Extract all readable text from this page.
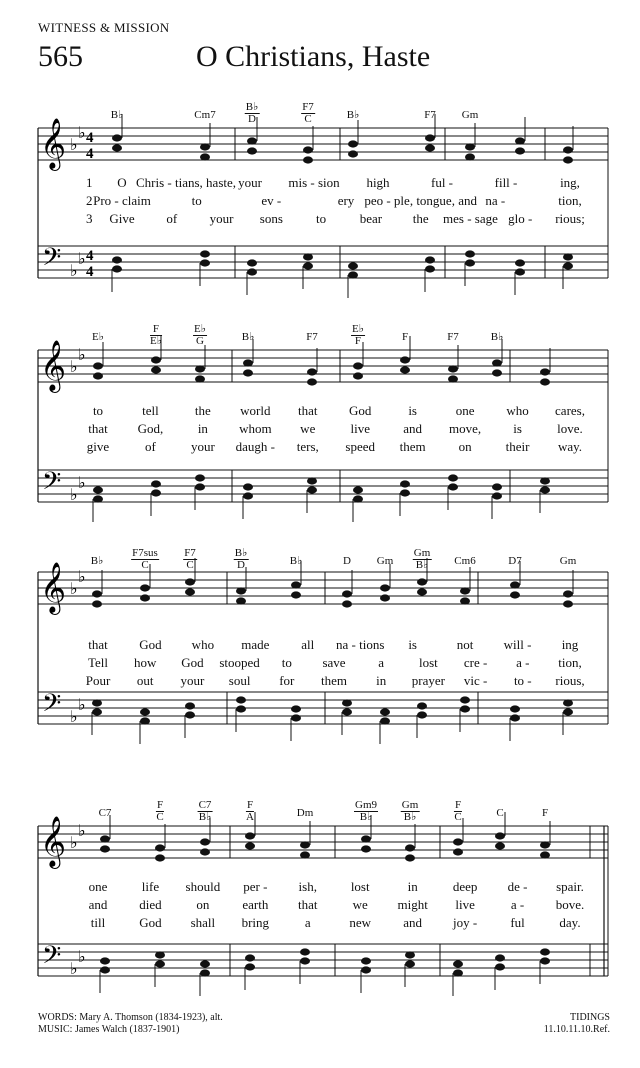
WITNESS & MISSION
565	O Christians, Haste
𝄞
𝄢
♭
♭
♭
♭
4
4
4
4
𝄞
𝄢
♭
♭
♭
♭
𝄞
𝄢
♭
♭
♭
♭
𝄞
𝄢
♭
♭
♭
♭
WORDS: Mary A. Thomson (1834-1923), alt.
MUSIC: James Walch (1837-1901)
TIDINGS
11.10.11.10.Ref.
B♭	Cm7
B♭
D
F7
C	B♭	F7 Gm
1
2
3
O Chris - tians, haste, your mis - sion high	ful -	fill -	ing,
Pro - claim	to	ev -	ery peo - ple, tongue, and na -	tion,
Give of your sons	to	bear the mes - sage glo - rious;
E♭
F
E♭
E♭
G	B♭	F7
E♭
F	F	F7	B♭
to	tell	the world that God	is	one who cares,
that God,	in whom we	live	and move, is	love.
give	of	your daugh - ters, speed them	on	their way.
B♭
F7sus
C
F7
C
B♭
D	B♭	D Gm
Gm
B♭ Cm6	D7	Gm
that God who made all na - tions is	not will - ing
Tell how God stooped to save	a	lost cre - a - tion,
Pour out your soul for them in prayer vic - to - rious,
C7
F
C
C7
B♭
F
A	Dm
Gm9
B♭
Gm
B♭
F
C	C	F
one	life should per - ish,	lost	in	deep de - spair.
and died	on	earth that	we might live	a - bove.
till	God shall bring	a	new and joy -	ful	day.
